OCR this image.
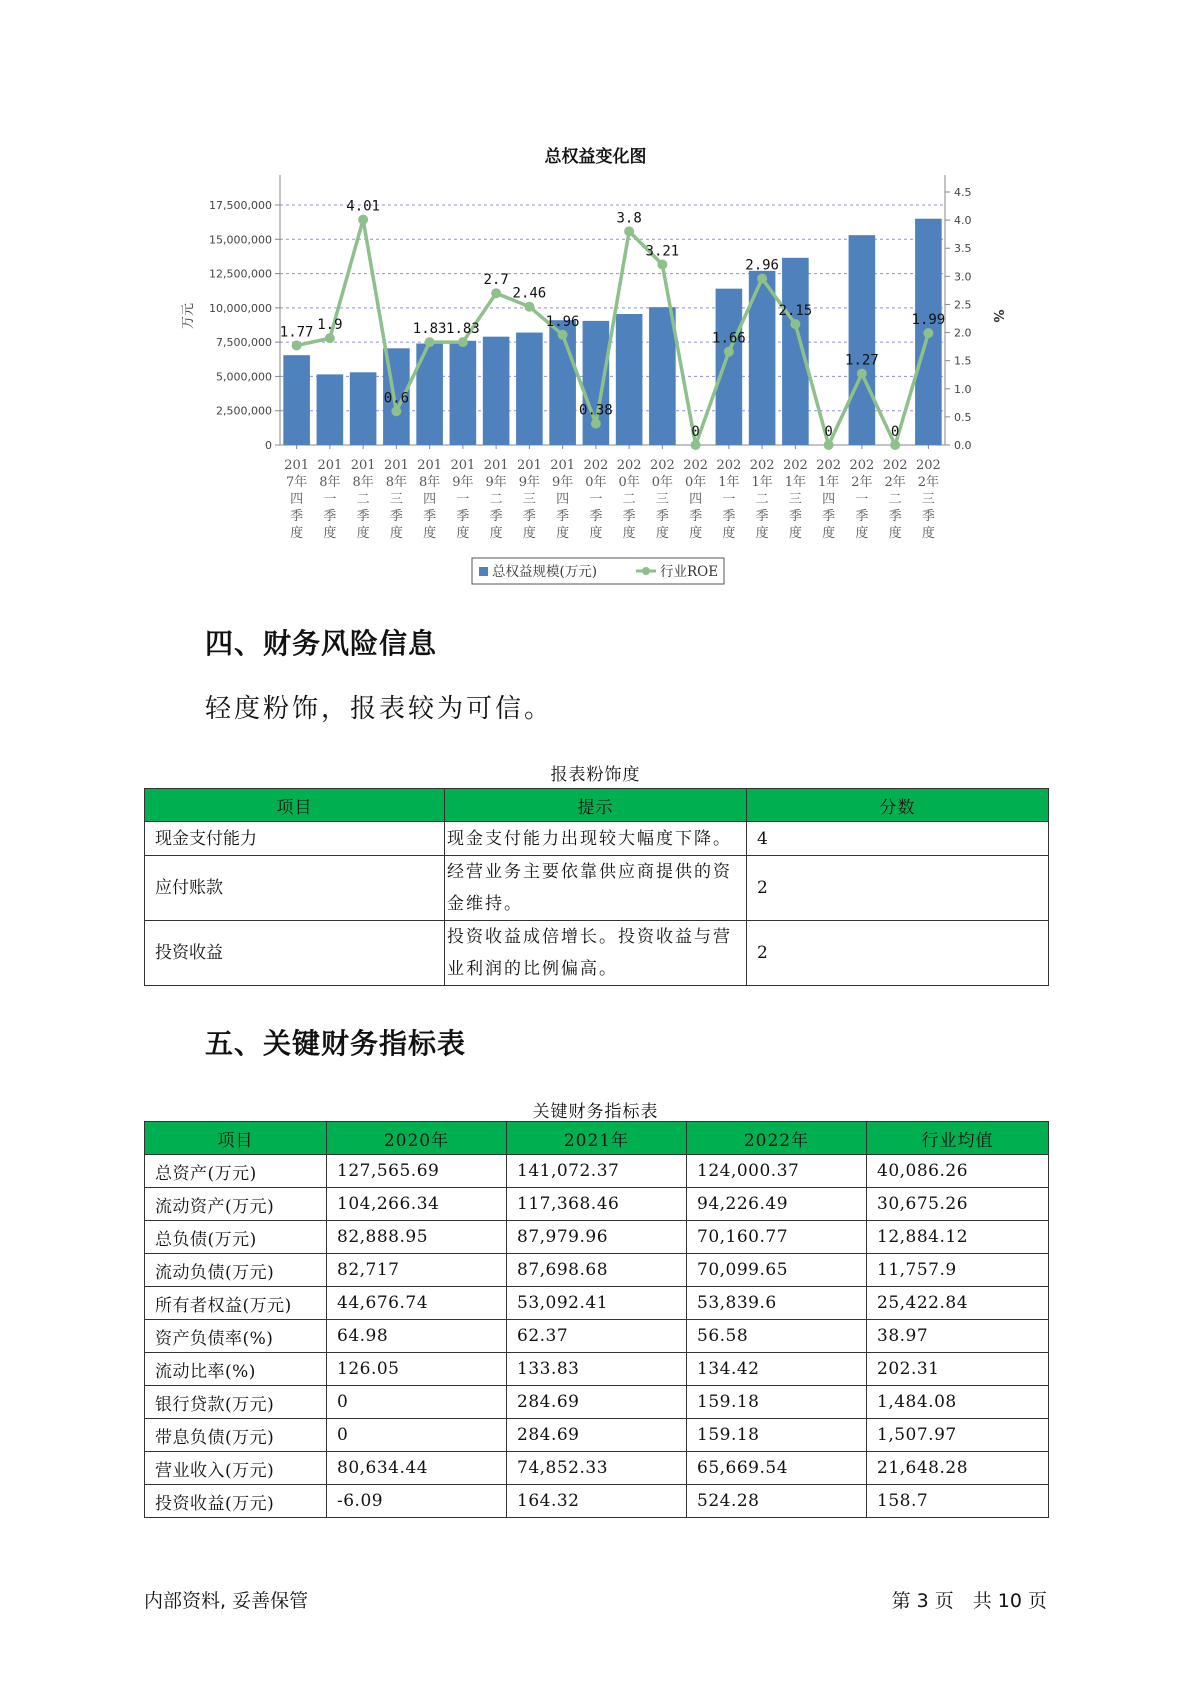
总权益变化图
0
2,500,000
5,000,000
7,500,000
10,000,000
12,500,000
15,000,000
17,500,000
0.0
0.5
1.0
1.5
2.0
2.5
3.0
3.5
4.0
4.5
万元	%
201 7年四季度
201 8年一季度
201 8年二季度
201 8年三季度
201 8年四季度
201 9年一季度
201 9年二季度
201 9年三季度
201 9年四季度
202 0年一季度
202 0年二季度
202 0年三季度
202 0年四季度
202 1年一季度
202 1年二季度
202 1年三季度
202 1年四季度
202 2年一季度
202 2年二季度
202 2年三季度
1.77 1.9
4.01
0.6
1.83 1.83
2.7
2.46
1.96
0.38
3.8
3.21
0
1.66
2.96
2.15
0
1.27
0
1.99
总权益规模(万元)	行业ROE
四、财务风险信息
轻度粉饰，报表较为可信。
报表粉饰度
项目	提示	分数
现金支付能力	现金支付能力出现较大幅度下降。	4
应付账款	经营业务主要依靠供应商提供的资金维持。	2
投资收益	投资收益成倍增长。投资收益与营业利润的比例偏高。	2
五、关键财务指标表
关键财务指标表
项目	2020年	2021年	2022年	行业均值
总资产(万元)	127,565.69	141,072.37	124,000.37	40,086.26
流动资产(万元)	104,266.34	117,368.46	94,226.49	30,675.26
总负债(万元)	82,888.95	87,979.96	70,160.77	12,884.12
流动负债(万元)	82,717	87,698.68	70,099.65	11,757.9
所有者权益(万元)	44,676.74	53,092.41	53,839.6	25,422.84
资产负债率(%)	64.98	62.37	56.58	38.97
流动比率(%)	126.05	133.83	134.42	202.31
银行贷款(万元)	0	284.69	159.18	1,484.08
带息负债(万元)	0	284.69	159.18	1,507.97
营业收入(万元)	80,634.44	74,852.33	65,669.54	21,648.28
投资收益(万元)	-6.09	164.32	524.28	158.7
内部资料, 妥善保管	第 3 页　共 10 页
